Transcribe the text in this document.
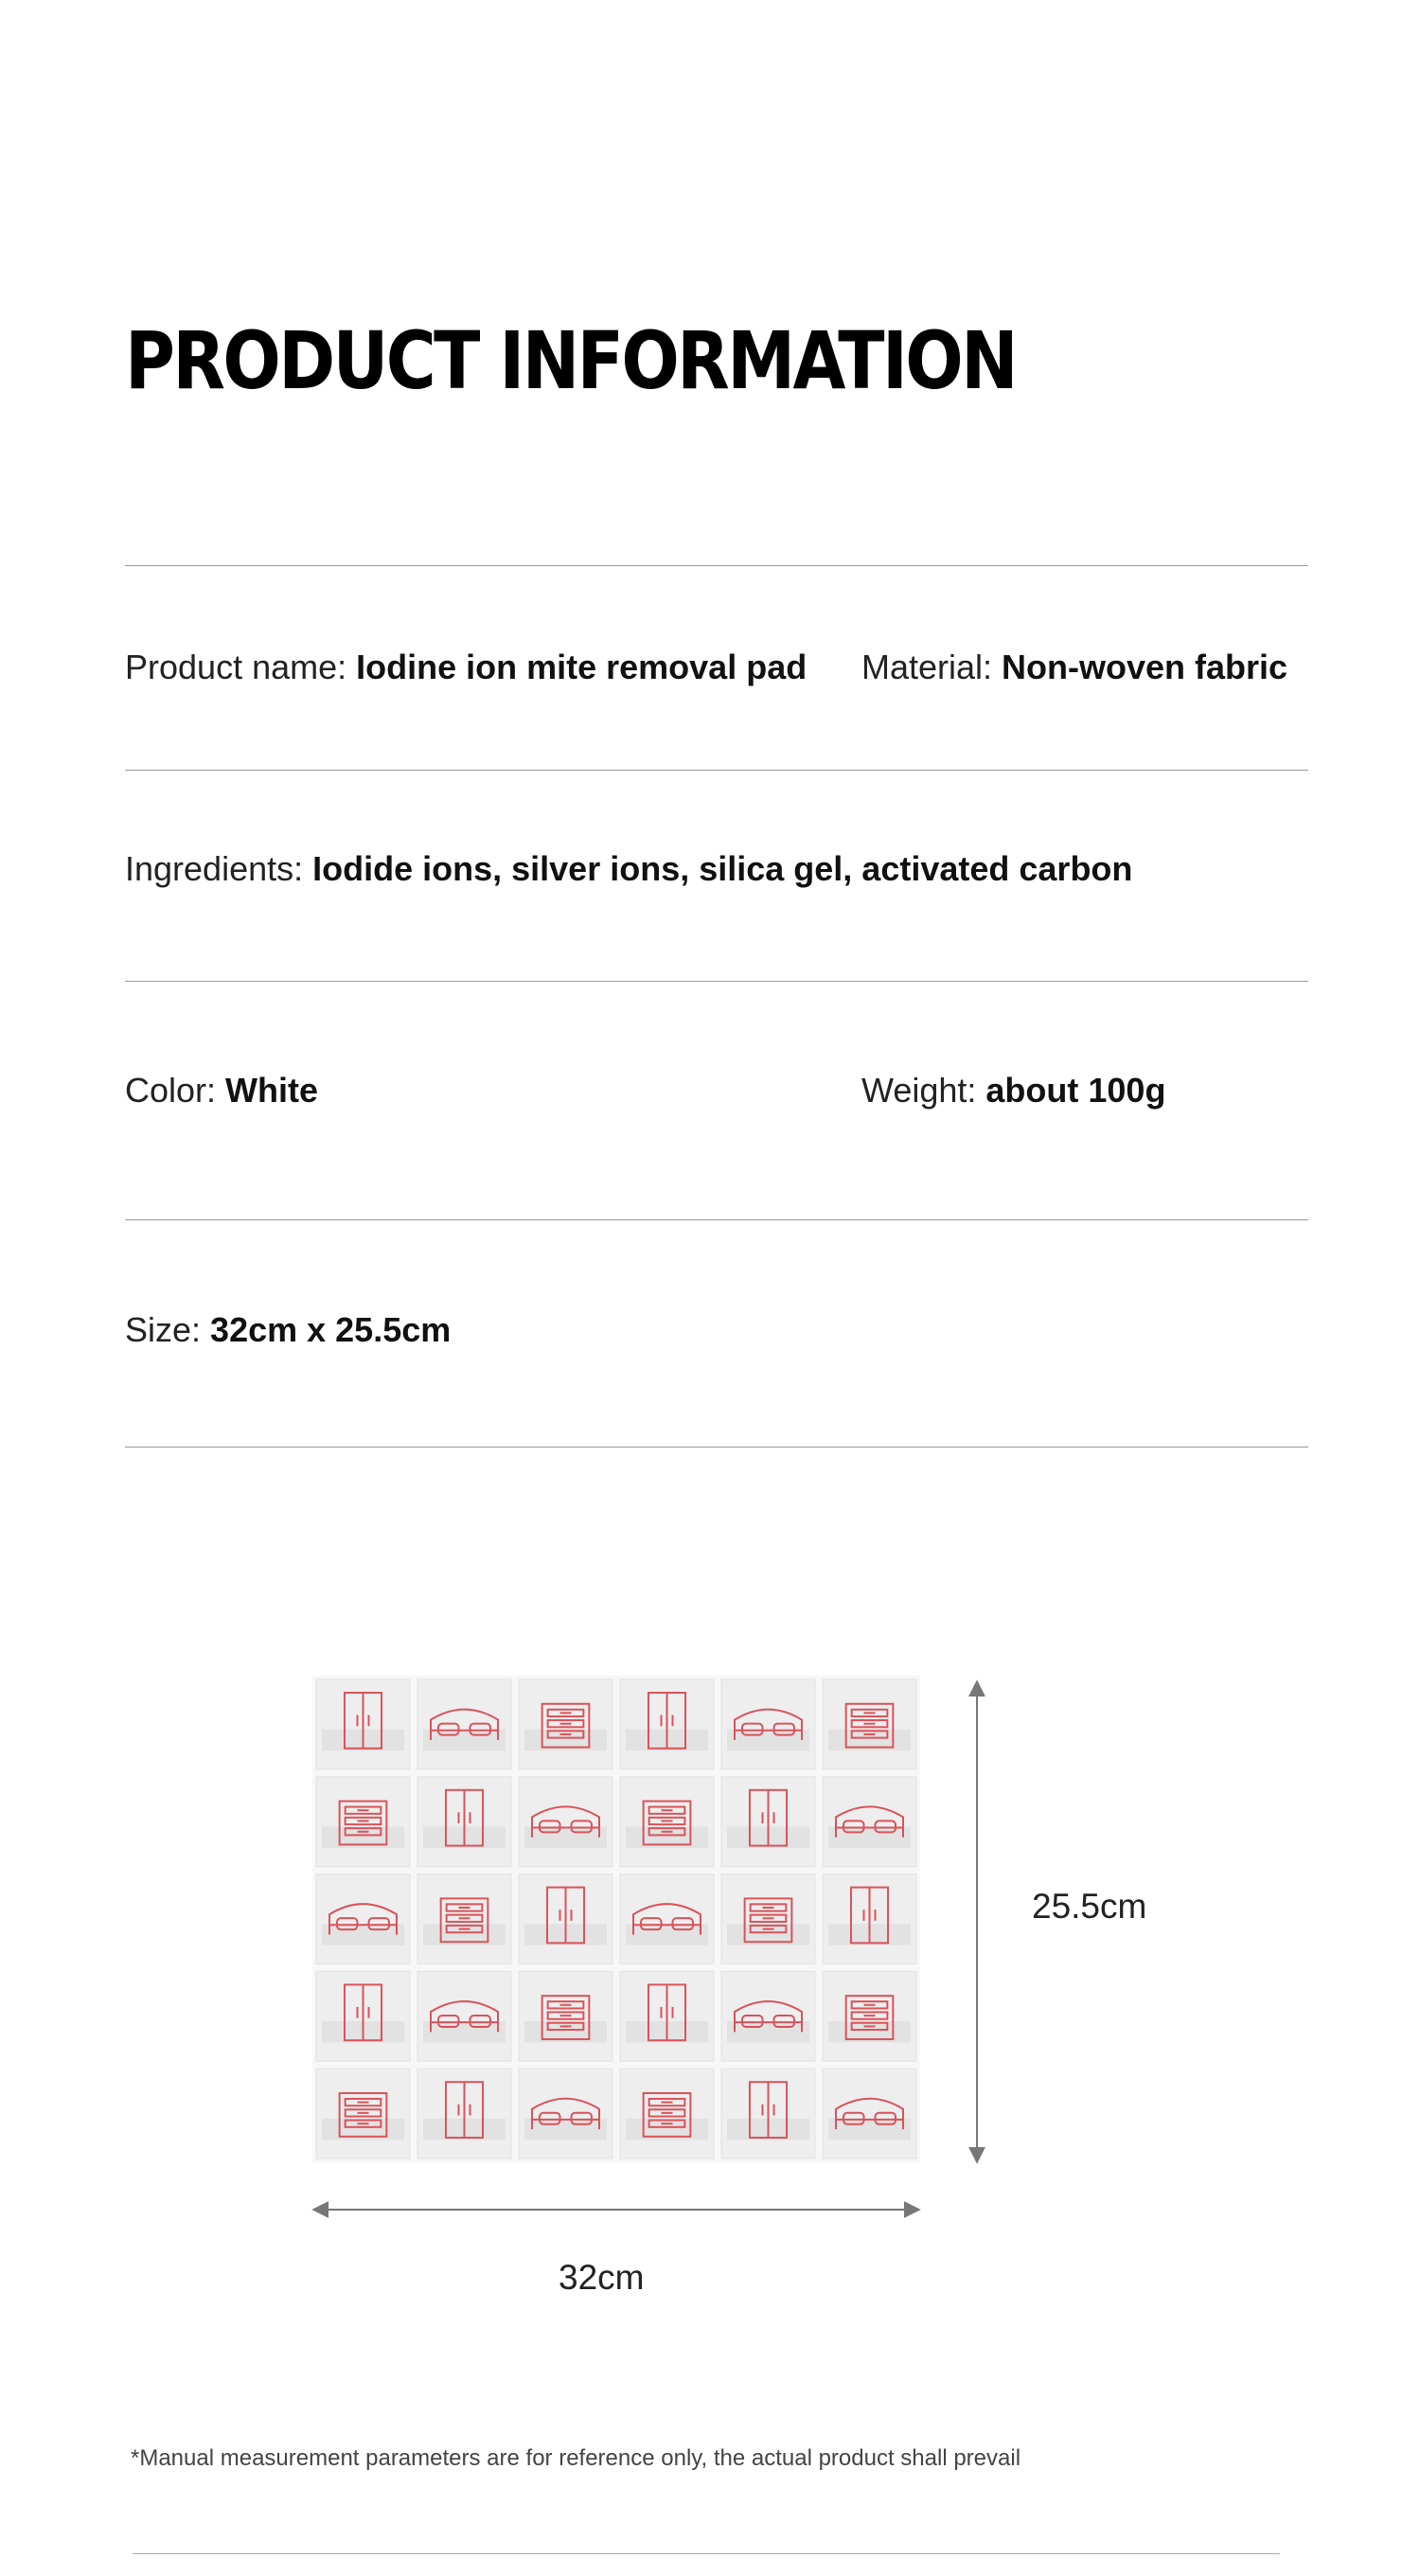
PRODUCT INFORMATION
Product name: Iodine ion mite removal pad Material: Non-woven fabric
Ingredients: Iodide ions, silver ions, silica gel, activated carbon
Color: White	Weight: about 100g
Size: 32cm x 25.5cm
25.5cm
32cm
*Manual measurement parameters are for reference only, the actual product shall prevail
